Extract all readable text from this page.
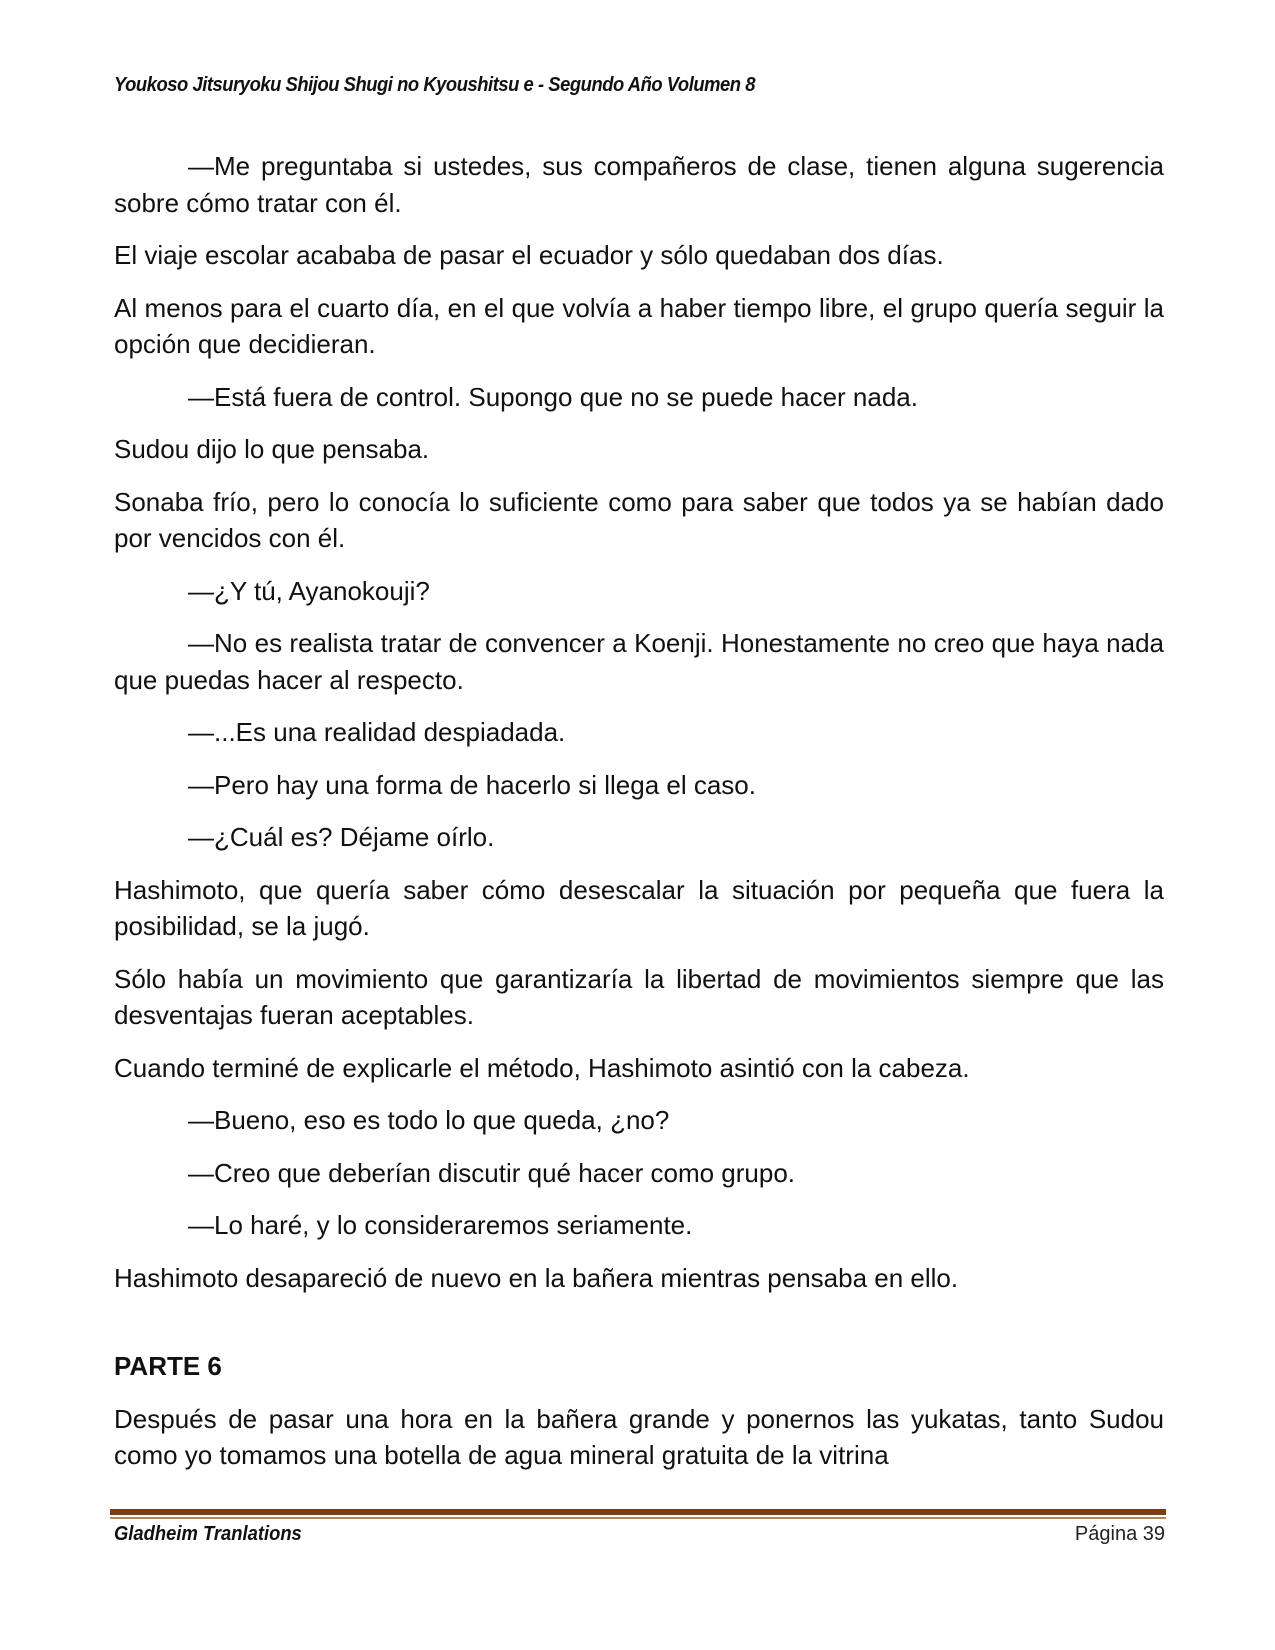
Youkoso Jitsuryoku Shijou Shugi no Kyoushitsu e - Segundo Año Volumen 8

—Me preguntaba si ustedes, sus compañeros de clase, tienen alguna sugerencia sobre cómo tratar con él.

El viaje escolar acababa de pasar el ecuador y sólo quedaban dos días.

Al menos para el cuarto día, en el que volvía a haber tiempo libre, el grupo quería seguir la opción que decidieran.

—Está fuera de control. Supongo que no se puede hacer nada.

Sudou dijo lo que pensaba.

Sonaba frío, pero lo conocía lo suficiente como para saber que todos ya se habían dado por vencidos con él.

—¿Y tú, Ayanokouji?

—No es realista tratar de convencer a Koenji. Honestamente no creo que haya nada que puedas hacer al respecto.

—...Es una realidad despiadada.

—Pero hay una forma de hacerlo si llega el caso.

—¿Cuál es? Déjame oírlo.

Hashimoto, que quería saber cómo desescalar la situación por pequeña que fuera la posibilidad, se la jugó.

Sólo había un movimiento que garantizaría la libertad de movimientos siempre que las desventajas fueran aceptables.

Cuando terminé de explicarle el método, Hashimoto asintió con la cabeza.

—Bueno, eso es todo lo que queda, ¿no?

—Creo que deberían discutir qué hacer como grupo.

—Lo haré, y lo consideraremos seriamente.

Hashimoto desapareció de nuevo en la bañera mientras pensaba en ello.

PARTE 6

Después de pasar una hora en la bañera grande y ponernos las yukatas, tanto Sudou como yo tomamos una botella de agua mineral gratuita de la vitrina

Gladheim Tranlations	Página 39
